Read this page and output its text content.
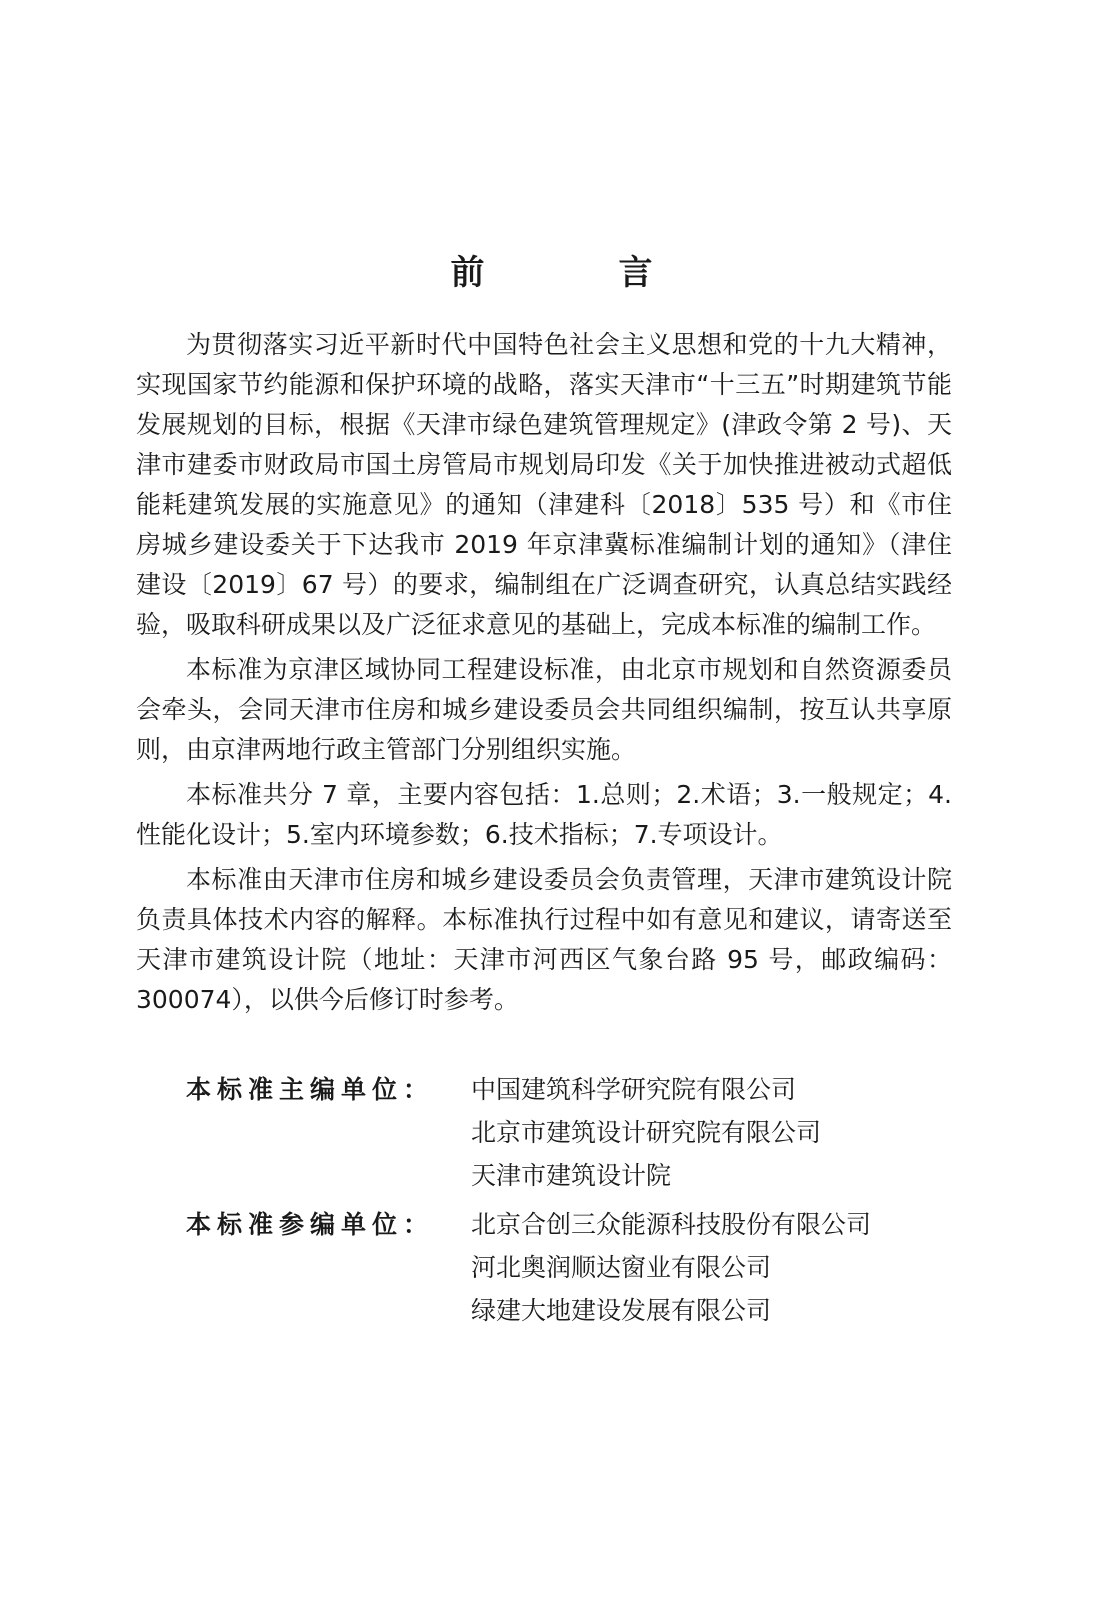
前　言

为贯彻落实习近平新时代中国特色社会主义思想和党的十九大精神，实现国家节约能源和保护环境的战略，落实天津市“十三五”时期建筑节能发展规划的目标，根据《天津市绿色建筑管理规定》(津政令第 2 号)、天津市建委市财政局市国土房管局市规划局印发《关于加快推进被动式超低能耗建筑发展的实施意见》的通知（津建科〔2018〕535 号）和《市住房城乡建设委关于下达我市 2019 年京津冀标准编制计划的通知》（津住建设〔2019〕67 号）的要求，编制组在广泛调查研究，认真总结实践经验，吸取科研成果以及广泛征求意见的基础上，完成本标准的编制工作。

本标准为京津区域协同工程建设标准，由北京市规划和自然资源委员会牵头，会同天津市住房和城乡建设委员会共同组织编制，按互认共享原则，由京津两地行政主管部门分别组织实施。

本标准共分 7 章，主要内容包括：1.总则；2.术语；3.一般规定；4.性能化设计；5.室内环境参数；6.技术指标；7.专项设计。

本标准由天津市住房和城乡建设委员会负责管理，天津市建筑设计院负责具体技术内容的解释。本标准执行过程中如有意见和建议，请寄送至天津市建筑设计院（地址：天津市河西区气象台路 95 号，邮政编码：300074），以供今后修订时参考。

本标准主编单位：	中国建筑科学研究院有限公司
北京市建筑设计研究院有限公司
天津市建筑设计院
本标准参编单位：	北京合创三众能源科技股份有限公司
河北奥润顺达窗业有限公司
绿建大地建设发展有限公司
